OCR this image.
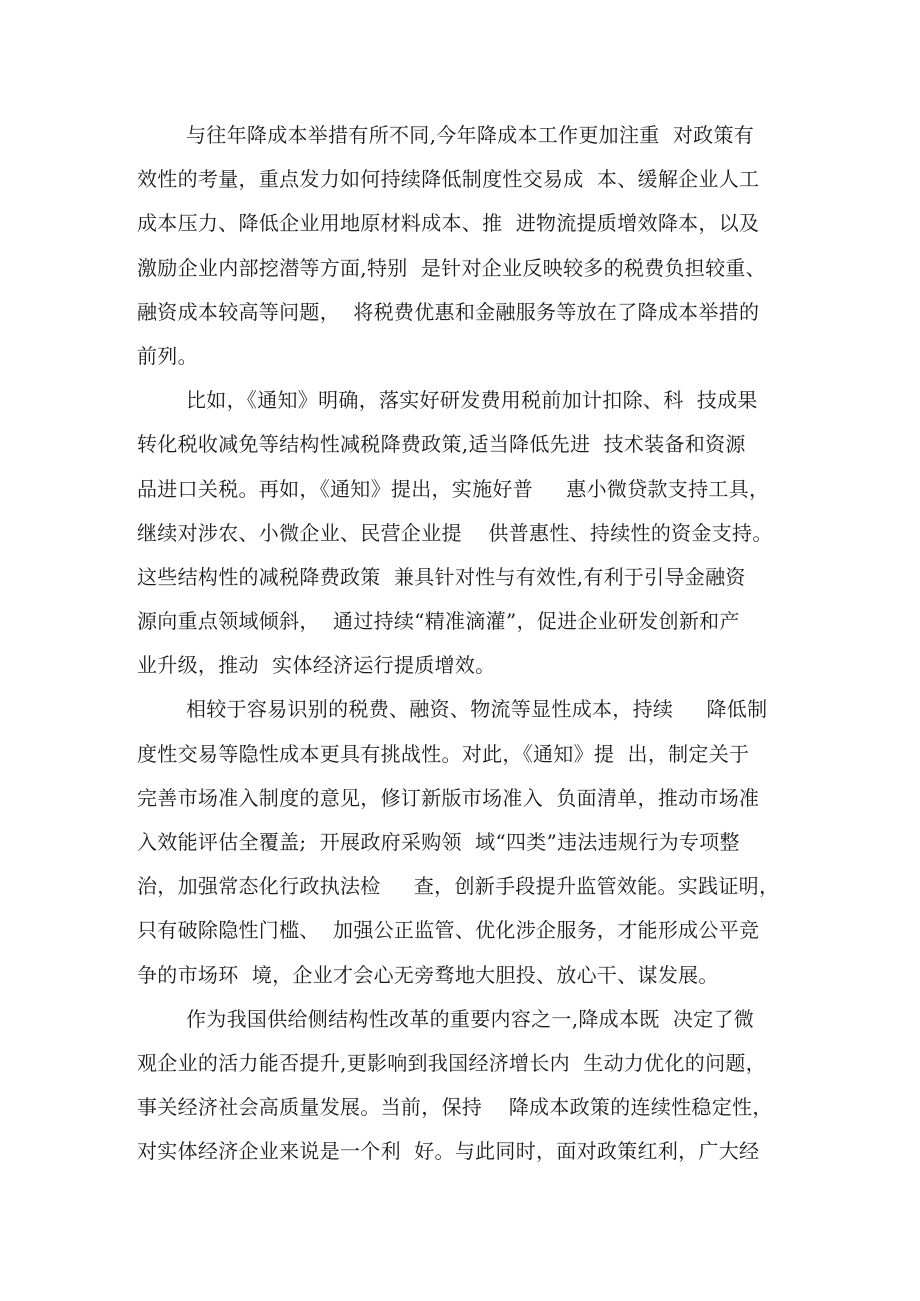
与往年降成本举措有所不同,今年降成本工作更加注重  对政策有
效性的考量，重点发力如何持续降低制度性交易成  本、缓解企业人工
成本压力、降低企业用地原材料成本、推  进物流提质增效降本，以及
激励企业内部挖潜等方面,特别  是针对企业反映较多的税费负担较重、
融资成本较高等问题，  将税费优惠和金融服务等放在了降成本举措的
前列。
比如，《通知》明确，落实好研发费用税前加计扣除、科  技成果
转化税收减免等结构性减税降费政策,适当降低先进  技术装备和资源
品进口关税。再如，《通知》提出，实施好普     惠小微贷款支持工具，
继续对涉农、小微企业、民营企业提    供普惠性、持续性的资金支持。
这些结构性的减税降费政策  兼具针对性与有效性,有利于引导金融资
源向重点领域倾斜，  通过持续“精准滴灌”，促进企业研发创新和产
业升级，推动  实体经济运行提质增效。
相较于容易识别的税费、融资、物流等显性成本，持续     降低制
度性交易等隐性成本更具有挑战性。对此，《通知》提  出，制定关于
完善市场准入制度的意见，修订新版市场准入  负面清单，推动市场准
入效能评估全覆盖;  开展政府采购领  域“四类”违法违规行为专项整
治，加强常态化行政执法检     查，创新手段提升监管效能。实践证明，
只有破除隐性门槛、  加强公正监管、优化涉企服务，才能形成公平竞
争的市场环  境，企业才会心无旁骛地大胆投、放心干、谋发展。
作为我国供给侧结构性改革的重要内容之一,降成本既  决定了微
观企业的活力能否提升,更影响到我国经济增长内  生动力优化的问题，
事关经济社会高质量发展。当前，保持    降成本政策的连续性稳定性，
对实体经济企业来说是一个利  好。与此同时，面对政策红利，广大经
